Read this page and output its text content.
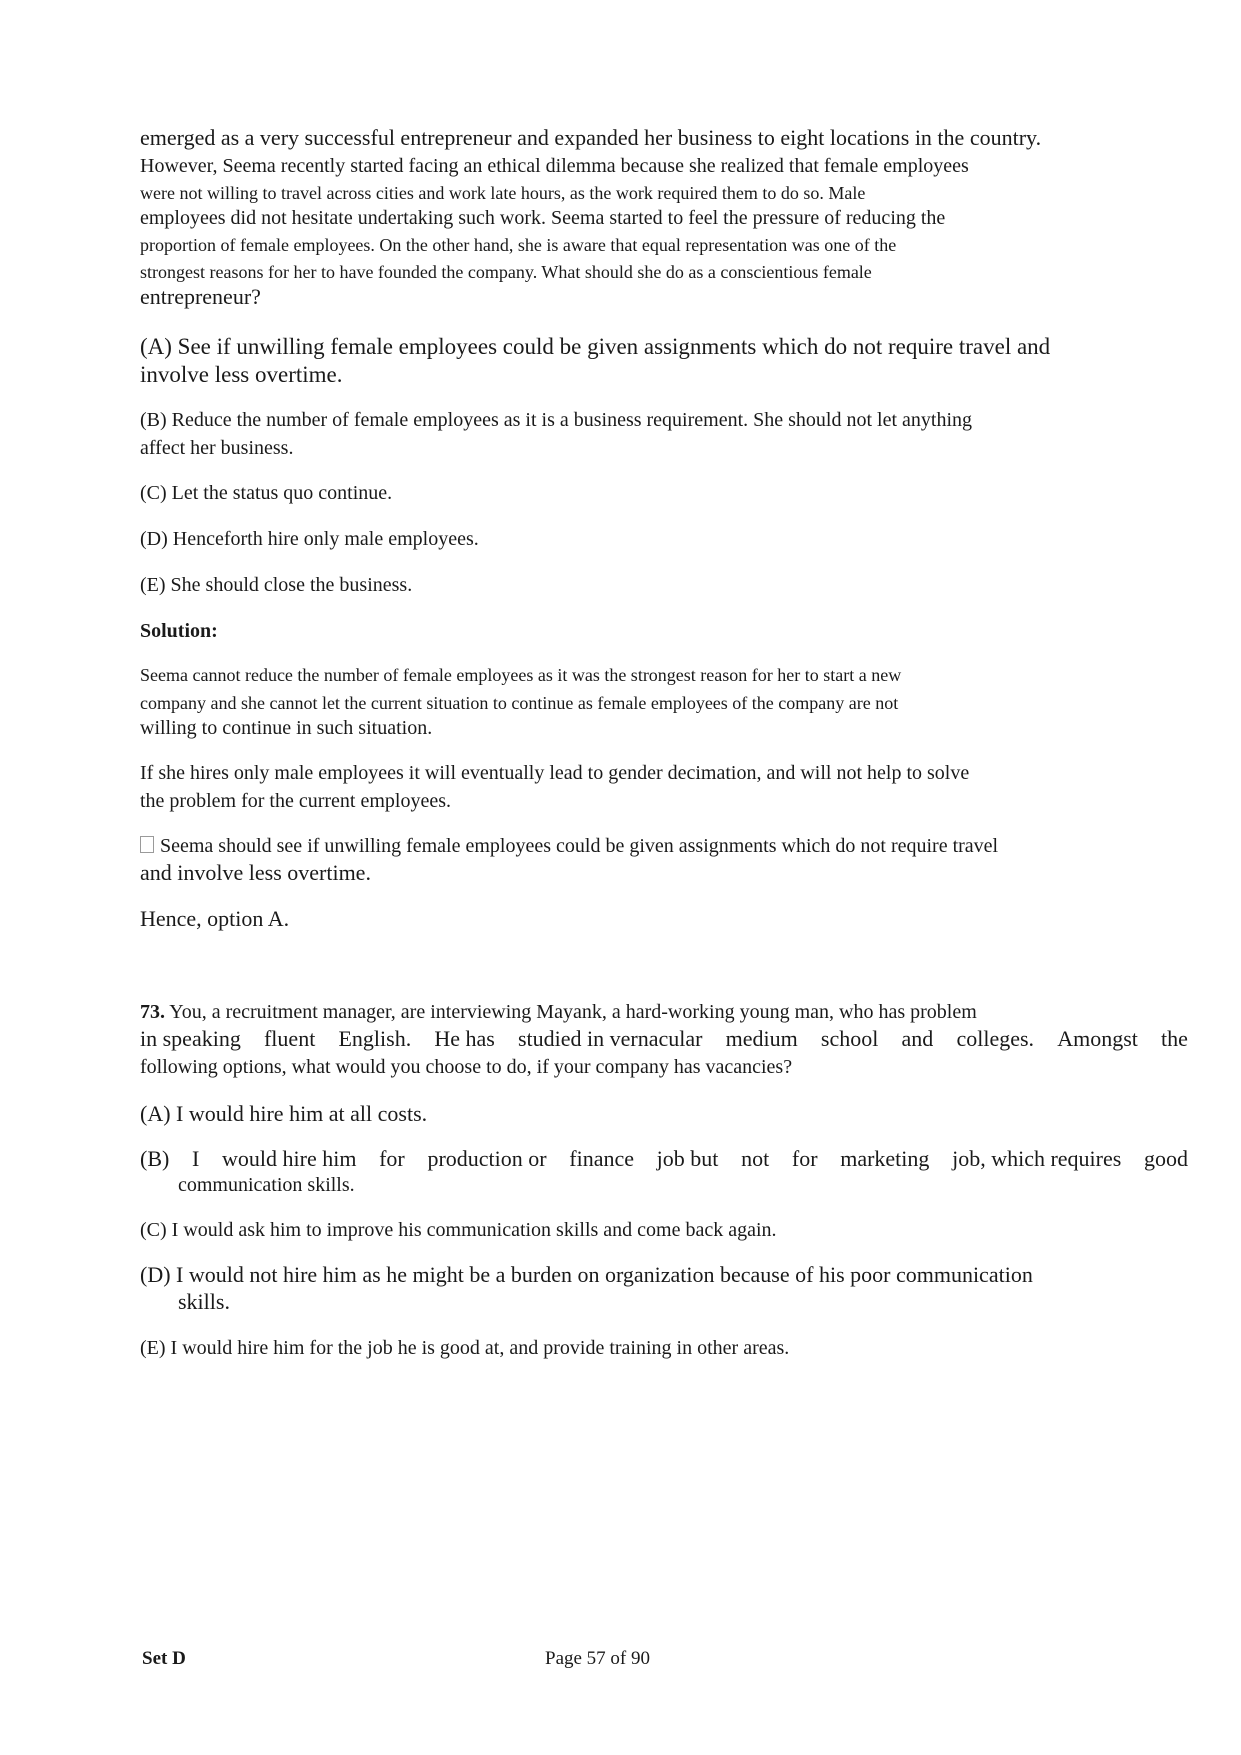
emerged as a very successful entrepreneur and expanded her business to eight locations in the country.
However, Seema recently started facing an ethical dilemma because she realized that female employees
were not willing to travel across cities and work late hours, as the work required them to do so. Male
employees did not hesitate undertaking such work. Seema started to feel the pressure of reducing the
proportion of female employees. On the other hand, she is aware that equal representation was one of the
strongest reasons for her to have founded the company. What should she do as a conscientious female
entrepreneur?
(A) See if unwilling female employees could be given assignments which do not require travel and
involve less overtime.
(B) Reduce the number of female employees as it is a business requirement. She should not let anything
affect her business.
(C) Let the status quo continue.
(D) Henceforth hire only male employees.
(E) She should close the business.
Solution:
Seema cannot reduce the number of female employees as it was the strongest reason for her to start a new
company and she cannot let the current situation to continue as female employees of the company are not
willing to continue in such situation.
If she hires only male employees it will eventually lead to gender decimation, and will not help to solve
the problem for the current employees.
Seema should see if unwilling female employees could be given assignments which do not require travel
and involve less overtime.
Hence, option A.
73. You, a recruitment manager, are interviewing Mayank, a hard-working young man, who has problem
in speaking fluent English. He has studied in vernacular medium school and colleges. Amongst the
following options, what would you choose to do, if your company has vacancies?
(A) I would hire him at all costs.
(B) I would hire him for production or finance job but not for marketing job, which requires good
communication skills.
(C) I would ask him to improve his communication skills and come back again.
(D) I would not hire him as he might be a burden on organization because of his poor communication
skills.
(E) I would hire him for the job he is good at, and provide training in other areas.
Set D	Page 57 of 90
